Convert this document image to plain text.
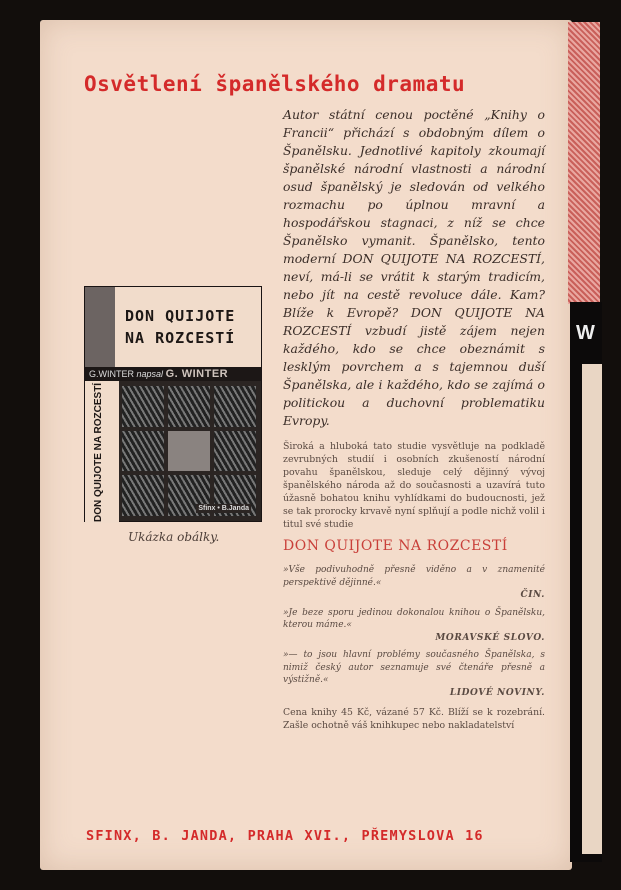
W
Osvětlení španělského dramatu

Autor státní cenou poctěné „Knihy o Francii“ přichází s obdobným dílem o Španělsku. Jednotlivé kapitoly zkoumají španělské národní vlastnosti a národní osud španělský je sledován od velkého rozmachu po úplnou mravní a hospodářskou stagnaci, z níž se chce Španělsko vymanit. Španělsko, tento moderní DON QUIJOTE NA ROZCESTÍ, neví, má-li se vrátit k starým tradicím, nebo jít na cestě revoluce dále. Kam? Blíže k Evropě? DON QUIJOTE NA ROZCESTÍ vzbudí jistě zájem nejen každého, kdo se chce obeznámit s lesklým povrchem a s tajemnou duší Španělska, ale i každého, kdo se zajímá o politickou a duchovní problematiku Evropy.

Široká a hluboká tato studie vysvětluje na podkladě zevrubných studií i osobních zkušeností národní povahu španělskou, sleduje celý dějinný vývoj španělského národa až do současnosti a uzavírá tuto úžasně bohatou knihu vyhlídkami do budoucnosti, jež se tak prorocky krvavě nyní splňují a podle nichž volil i titul své studie

DON QUIJOTE NA ROZCESTÍ

»Vše podivuhodně přesně viděno a v znamenité perspektivě dějinné.«

ČIN.

»Je beze sporu jedinou dokonalou knihou o Španělsku, kterou máme.«

MORAVSKÉ SLOVO.

»— to jsou hlavní problémy současného Španělska, s nimiž český autor seznamuje své čtenáře přesně a výstižně.«

LIDOVÉ NOVINY.

Cena knihy 45 Kč, vázané 57 Kč. Blíží se k rozebrání. Zašle ochotně váš knihkupec nebo nakladatelství

DON QUIJOTE NA ROZCESTÍ
G.WINTER napsal G. WINTER
DON QUIJOTE NA ROZCESTÍ	Sfinx • B.Janda
Ukázka obálky.
SFINX, B. JANDA, PRAHA XVI., PŘEMYSLOVA 16
